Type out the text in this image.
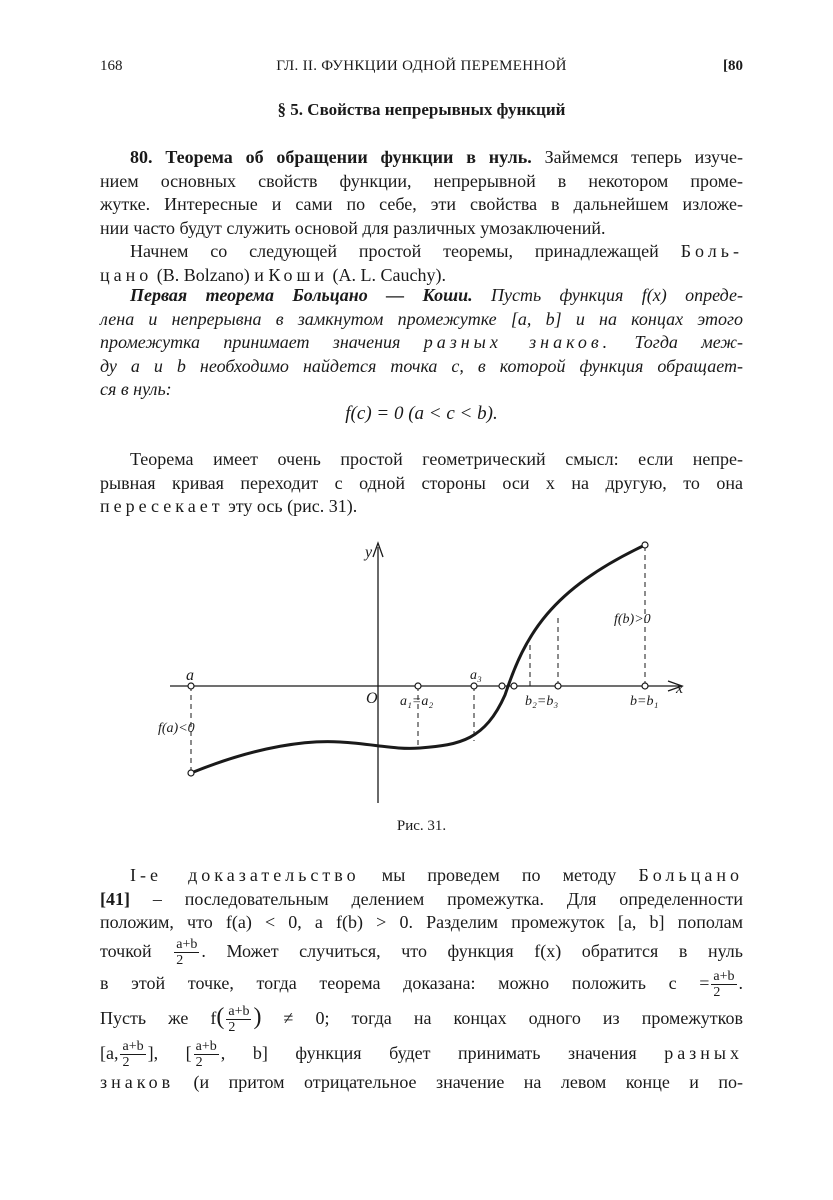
168	ГЛ. II. ФУНКЦИИ ОДНОЙ ПЕРЕМЕННОЙ	[80
§ 5. Свойства непрерывных функций
80. Теорема об обращении функции в нуль. Займемся теперь изуче-
нием основных свойств функции, непрерывной в некотором проме-
жутке. Интересные и сами по себе, эти свойства в дальнейшем изложе-
нии часто будут служить основой для различных умозаключений.
Начнем со следующей простой теоремы, принадлежащей Боль-
цано (B. Bolzano) и Коши (A. L. Cauchy).
Первая теорема Больцано — Коши. Пусть функция f(x) опреде-
лена и непрерывна в замкнутом промежутке [a, b] и на концах этого
промежутка принимает значения разных знаков. Тогда меж-
ду a и b необходимо найдется точка c, в которой функция обращает-
ся в нуль:
f(c) = 0 (a < c < b).
Теорема имеет очень простой геометрический смысл: если непре-
рывная кривая переходит с одной стороны оси x на другую, то она
пересекает эту ось (рис. 31).
y
x
O
a
a₁=a₂
a₃
b₂=b₃	b=b₁
f(b)>0
f(a)<0
Рис. 31.
I-е доказательство мы проведем по методу Больцано
[41] – последовательным делением промежутка. Для определенности
положим, что f(a) < 0, а f(b) > 0. Разделим промежуток [a, b] пополам
точкой $\frac{a+b}{2}$ . Может случиться, что функция f(x) обратится в нуль
в этой точке, тогда теорема доказана: можно положить $c = \frac{a+b}{2}$ .
Пусть же $f( \frac{a+b}{2}$ ) ≠ 0; тогда на концах одного из промежутков
[a, $\frac{a+b}{2}$ ], [ $\frac{a+b}{2}$ , b] функция будет принимать значения разных
знаков (и притом отрицательное значение на левом конце и по-
